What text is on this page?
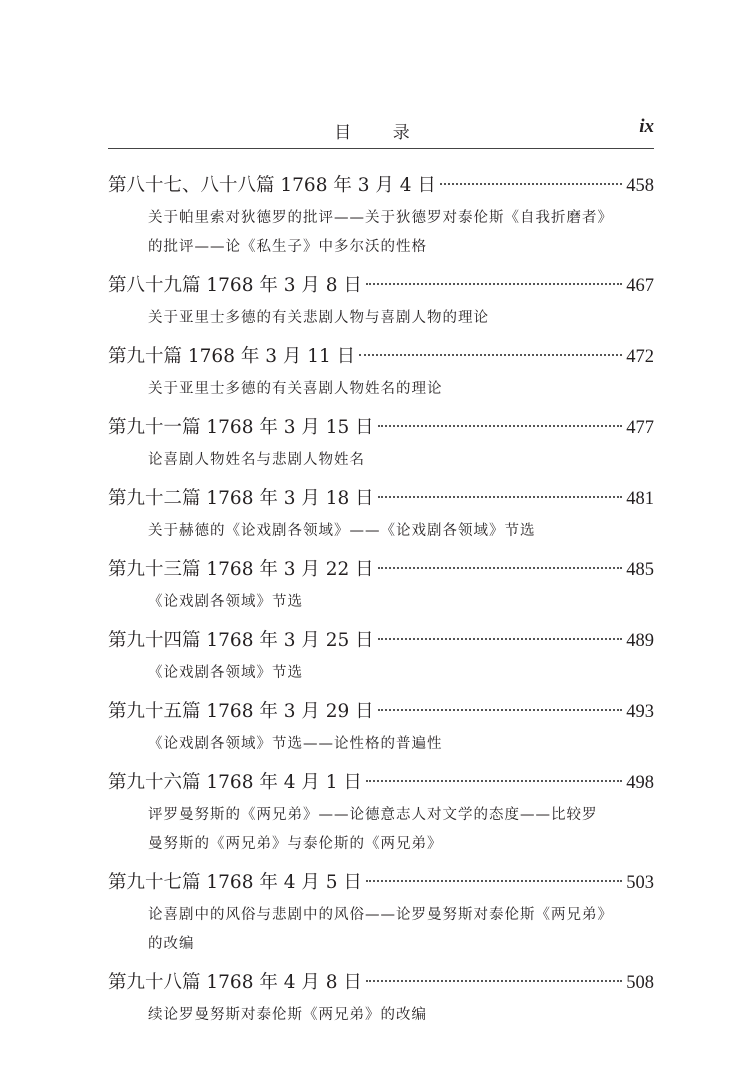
目 录	ix
第八十七、八十八篇 1768 年 3 月 4 日	458
关于帕里索对狄德罗的批评——关于狄德罗对泰伦斯《自我折磨者》
的批评——论《私生子》中多尔沃的性格
第八十九篇 1768 年 3 月 8 日	467
关于亚里士多德的有关悲剧人物与喜剧人物的理论
第九十篇 1768 年 3 月 11 日	472
关于亚里士多德的有关喜剧人物姓名的理论
第九十一篇 1768 年 3 月 15 日	477
论喜剧人物姓名与悲剧人物姓名
第九十二篇 1768 年 3 月 18 日	481
关于赫德的《论戏剧各领域》——《论戏剧各领域》节选
第九十三篇 1768 年 3 月 22 日	485
《论戏剧各领域》节选
第九十四篇 1768 年 3 月 25 日	489
《论戏剧各领域》节选
第九十五篇 1768 年 3 月 29 日	493
《论戏剧各领域》节选——论性格的普遍性
第九十六篇 1768 年 4 月 1 日	498
评罗曼努斯的《两兄弟》——论德意志人对文学的态度——比较罗
曼努斯的《两兄弟》与泰伦斯的《两兄弟》
第九十七篇 1768 年 4 月 5 日	503
论喜剧中的风俗与悲剧中的风俗——论罗曼努斯对泰伦斯《两兄弟》
的改编
第九十八篇 1768 年 4 月 8 日	508
续论罗曼努斯对泰伦斯《两兄弟》的改编
